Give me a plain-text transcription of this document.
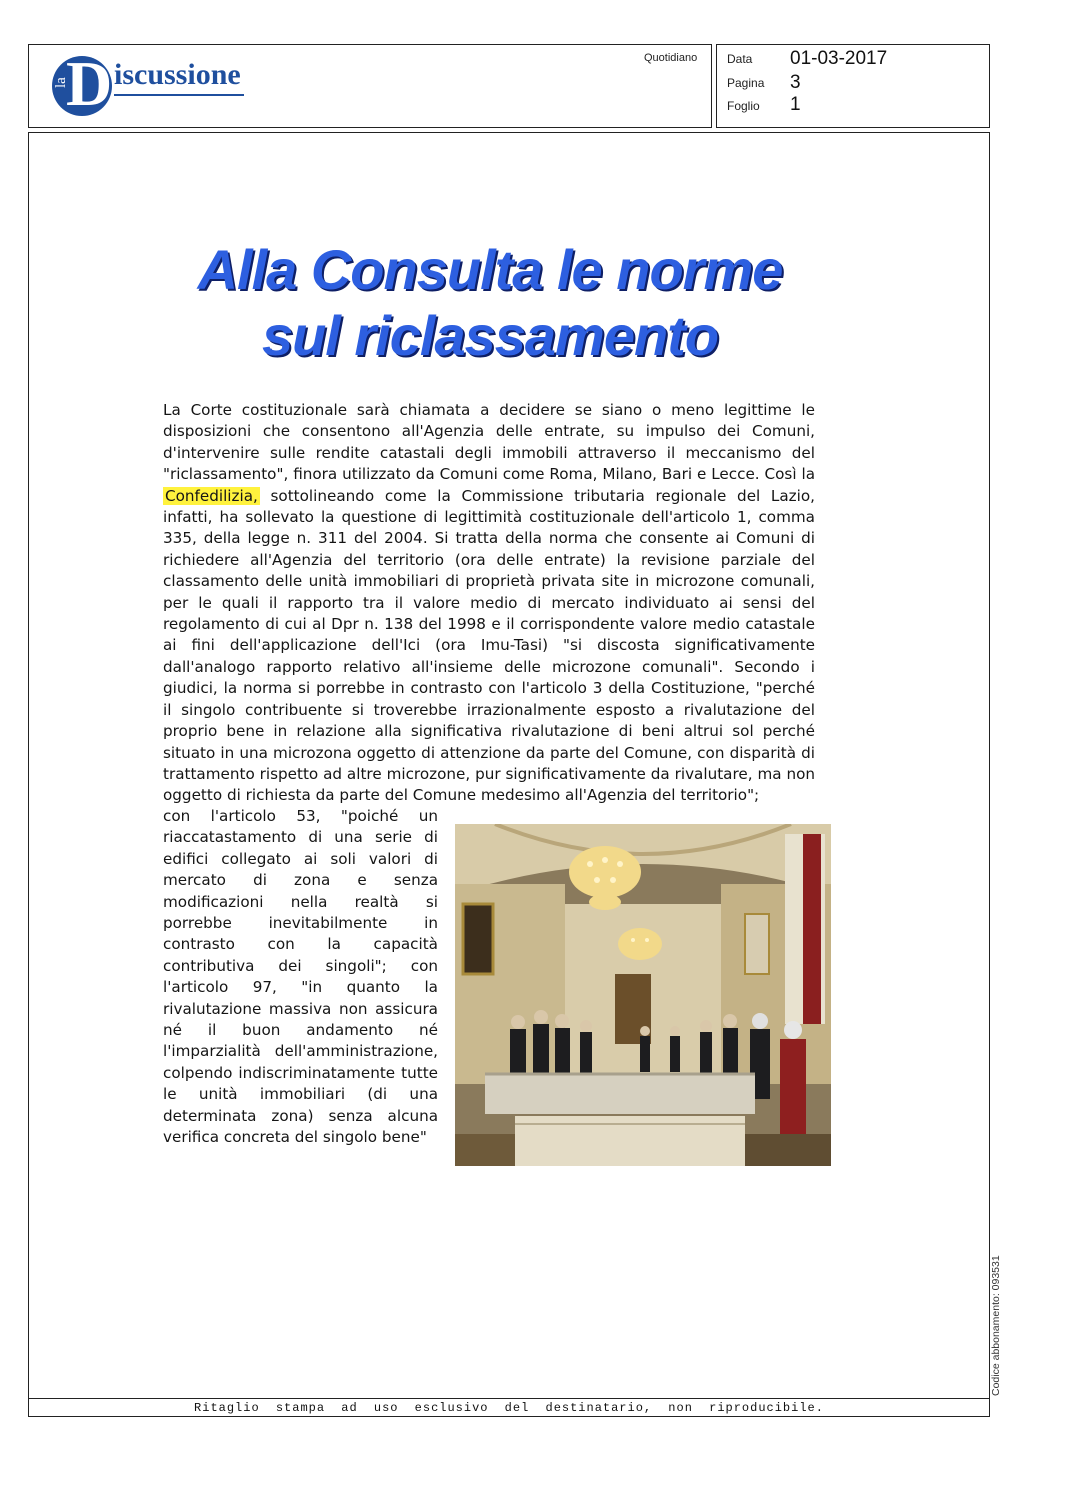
D
la iscussione	Quotidiano Data 01-03-2017
Pagina 3
Foglio 1
Alla Consulta le norme
sul riclassamento
La Corte costituzionale sarà chiamata a decidere se siano o meno legittime le disposizioni che consentono all'Agenzia delle entrate, su impulso dei Comuni, d'intervenire sulle rendite catastali degli immobili attraverso il meccanismo del "riclassamento", finora utilizzato da Comuni come Roma, Milano, Bari e Lecce. Così la Confedilizia, sottolineando come la Commissione tributaria regionale del Lazio, infatti, ha sollevato la questione di legittimità costituzionale dell'articolo 1, comma 335, della legge n. 311 del 2004. Si tratta della norma che consente ai Comuni di richiedere all'Agenzia del territorio (ora delle entrate) la revisione parziale del classamento delle unità immobiliari di proprietà privata site in microzone comunali, per le quali il rapporto tra il valore medio di mercato individuato ai sensi del regolamento di cui al Dpr n. 138 del 1998 e il corrispondente valore medio catastale ai fini dell'applicazione dell'Ici (ora Imu-Tasi) "si discosta significativamente dall'analogo rapporto relativo all'insieme delle microzone comunali". Secondo i giudici, la norma si porrebbe in contrasto con l'articolo 3 della Costituzione, "perché il singolo contribuente si troverebbe irrazionalmente esposto a rivalutazione del proprio bene in relazione alla significativa rivalutazione di beni altrui sol perché situato in una microzona oggetto di attenzione da parte del Comune, con disparità di trattamento rispetto ad altre microzone, pur significativamente da rivalutare, ma non oggetto di richiesta da parte del Comune medesimo all'Agenzia del territorio";
con l'articolo 53, "poiché un riaccatastamento di una serie di edifici collegato ai soli valori di mercato di zona e senza modificazioni nella realtà si porrebbe inevitabilmente in contrasto con la capacità contributiva dei singoli"; con l'articolo 97, "in quanto la rivalutazione massiva non assicura né il buon andamento né l'imparzialità dell'amministrazione, colpendo indiscriminatamente tutte le unità immobiliari (di una determinata zona) senza alcuna verifica concreta del singolo bene"
Codice abbonamento: 093531
Ritaglio stampa ad uso esclusivo del destinatario, non riproducibile.
